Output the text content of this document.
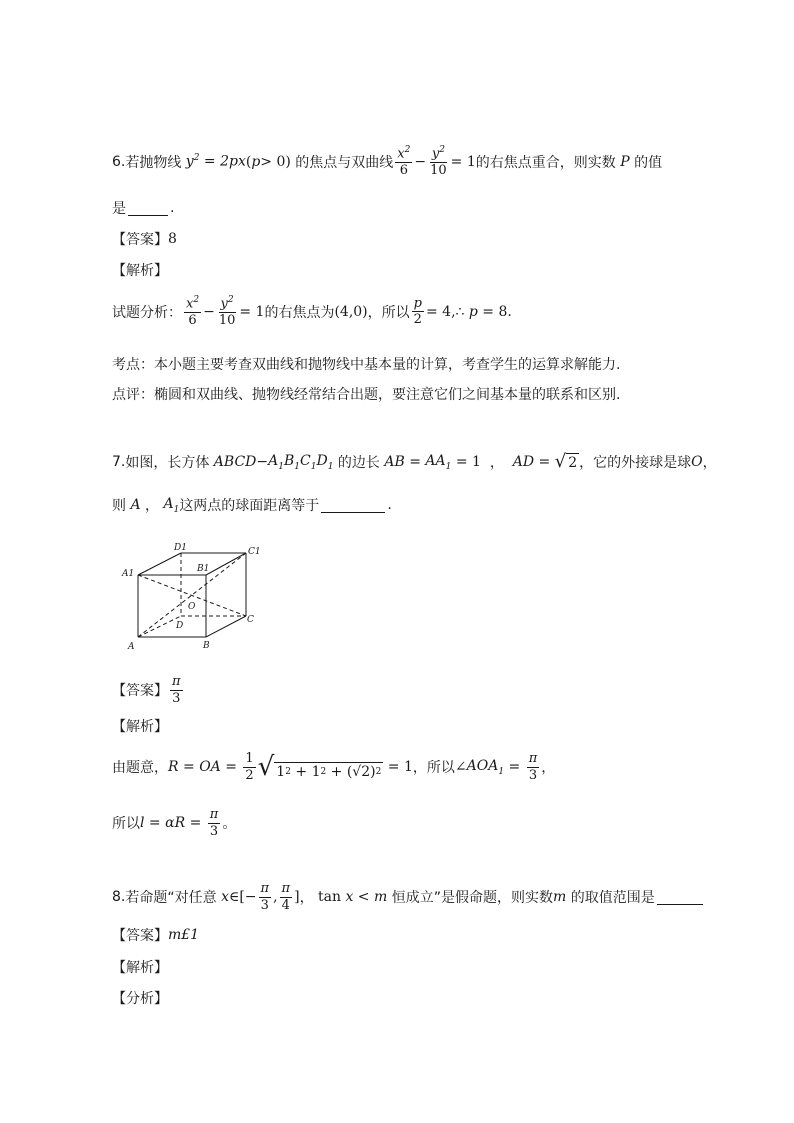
6. 若抛物线 $y^2 = 2px$ ( p > 0) 的焦点与双曲线 $\frac{x^2}{6} - \frac{y^2}{10} = 1$ 的右焦点重合，则实数 P 的值
是	.
【答案】 8
【解析】
试题分析： $\frac{x^2}{6} - \frac{y^2}{10} = 1$ 的右焦点为 (4,0) ，所以 $\frac{p}{2}$ = 4,∴ p = 8.
考点：本小题主要考查双曲线和抛物线中基本量的计算，考查学生的运算求解能力.
点评：椭圆和双曲线、抛物线经常结合出题，要注意它们之间基本量的联系和区别.
7. 如图，长方体 ABCD − $A_1B_1C_1D_1$ 的边长 AB = $AA_1 = 1$ ， AD = √ 2 ，它的外接球是球 O ，
则 A ， $A_1$ 这两点的球面距离等于	.
D1	C1
A1	B1
O
D
C
A	B
【答案】 $\frac{\pi}{3}$
【解析】
由题意， R = OA = $\frac{1}{2}$ √ 1 2 + 1 2 + (√2) 2 = 1 ，所以 ∠ $AOA_1 = \frac{\pi}{3}$ ，
所以 $l = \alpha R = \frac{\pi}{3}$ 。
8. 若命题“对任意 x ∈[− $\frac{\pi}{3}$ , $\frac{\pi}{4}$ ] ， tan x < m
恒成立”是假命题，则实数 m
的取值范围是
【答案】 m£1
【解析】
【分析】
